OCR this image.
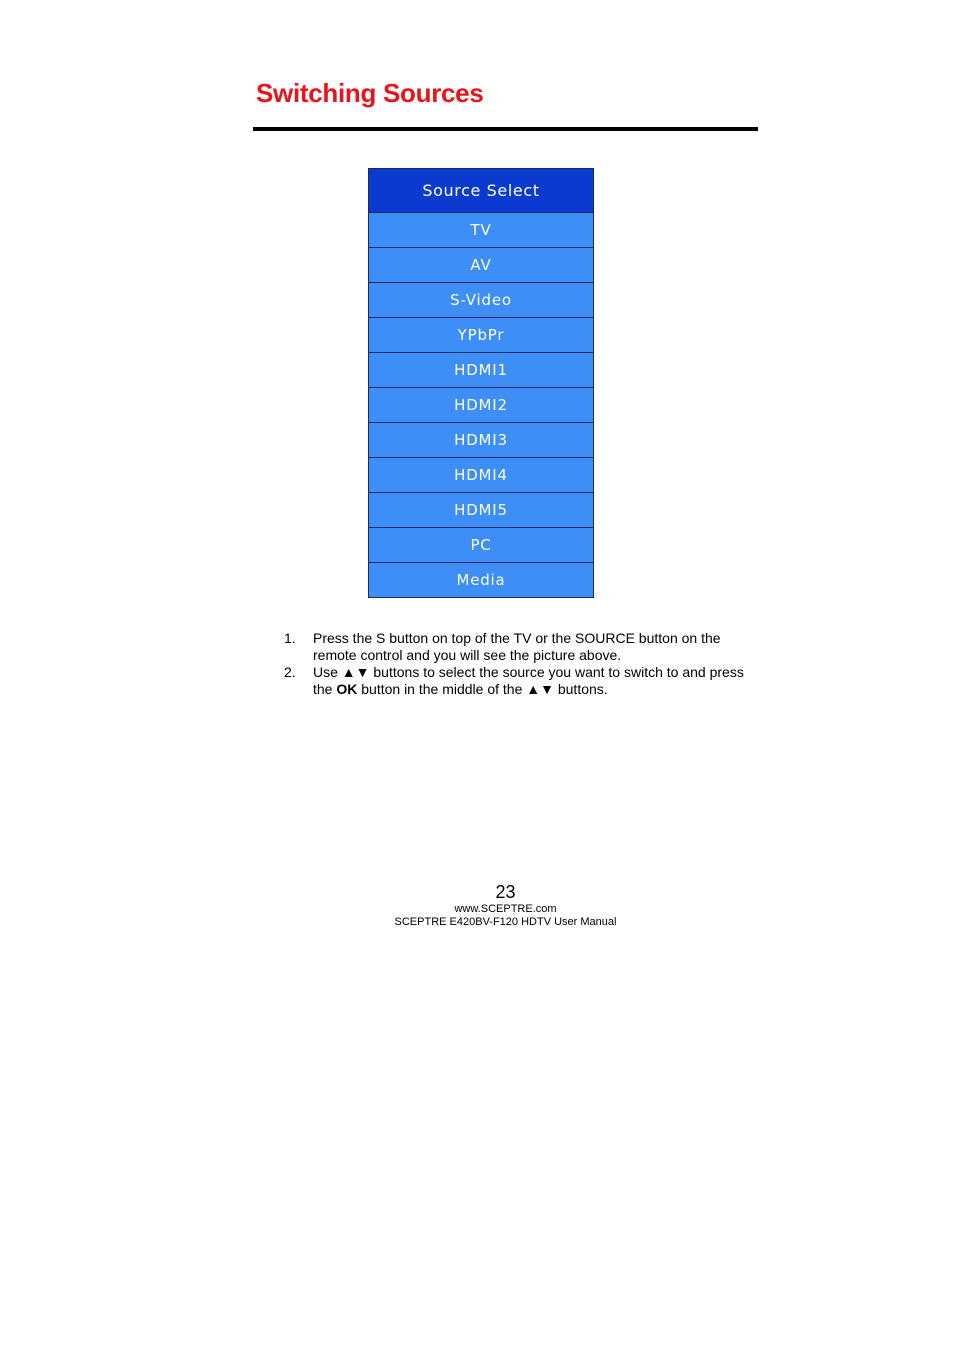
Switching Sources
Source Select
TV
AV
S-Video
YPbPr
HDMI1
HDMI2
HDMI3
HDMI4
HDMI5
PC
Media
1. Press the S button on top of the TV or the SOURCE button on the remote control and you will see the picture above.
2. Use ▲▼ buttons to select the source you want to switch to and press the OK button in the middle of the ▲▼ buttons.
23
www.SCEPTRE.com
SCEPTRE E420BV-F120 HDTV User Manual
